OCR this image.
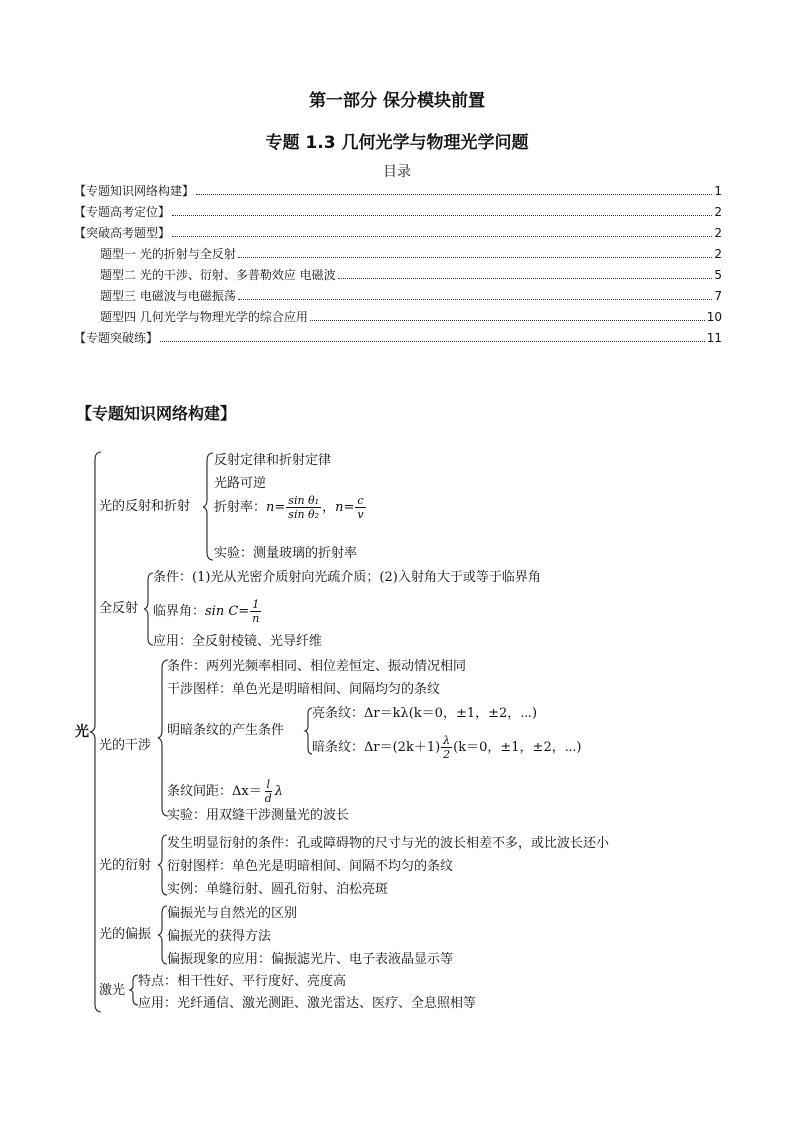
第一部分 保分模块前置
专题 1.3 几何光学与物理光学问题
目录
【专题知识网络构建】	1
【专题高考定位】	2
【突破高考题型】	2
题型一 光的折射与全反射	2
题型二 光的干涉、衍射、多普勒效应 电磁波	5
题型三 电磁波与电磁振荡	7
题型四 几何光学与物理光学的综合应用	10
【专题突破练】	11
【专题知识网络构建】
光
光的反射和折射
反射定律和折射定律
光路可逆
折射率：$n= \frac{\text{sin θ₁}}{\text{sin θ₂}}$ ，$n= \frac{c}{v}$
实验：测量玻璃的折射率
全反射
条件：(1)光从光密介质射向光疏介质；(2)入射角大于或等于临界角
临界角：$\sin C= \frac{1}{n}$
应用：全反射棱镜、光导纤维
光的干涉
条件：两列光频率相同、相位差恒定、振动情况相同
干涉图样：单色光是明暗相间、间隔均匀的条纹
明暗条纹的产生条件
亮条纹：Δr＝kλ(k＝0，±1，±2，⋯)
暗条纹：$\Delta r=(2k+1) \frac{\lambda}{2} (k=0$，±1，±2，⋯)
条纹间距：$\Delta x= \frac{l}{d}$ λ
实验：用双缝干涉测量光的波长
光的衍射
发生明显衍射的条件：孔或障碍物的尺寸与光的波长相差不多，或比波长还小
衍射图样：单色光是明暗相间、间隔不均匀的条纹
实例：单缝衍射、圆孔衍射、泊松亮斑
光的偏振
偏振光与自然光的区别
偏振光的获得方法
偏振现象的应用：偏振滤光片、电子表液晶显示等
激光
特点：相干性好、平行度好、亮度高
应用：光纤通信、激光测距、激光雷达、医疗、全息照相等
